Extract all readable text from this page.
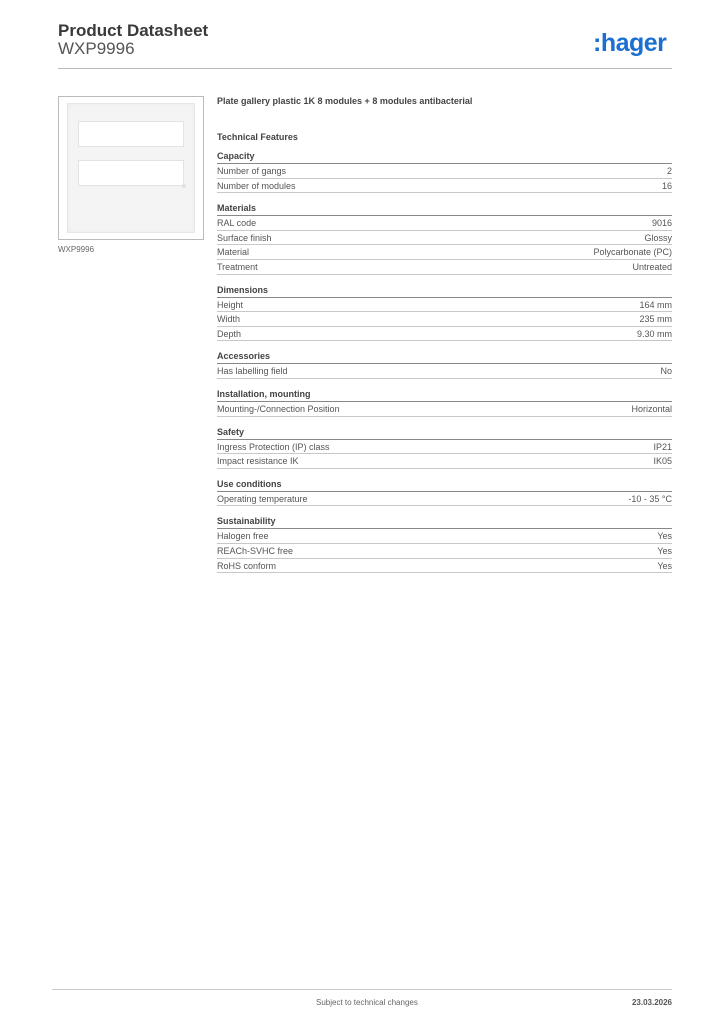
Product Datasheet
WXP9996	:hager
WXP9996
Plate gallery plastic 1K 8 modules + 8 modules antibacterial
Technical Features
Capacity
Number of gangs	2
Number of modules	16
Materials
RAL code	9016
Surface finish	Glossy
Material	Polycarbonate (PC)
Treatment	Untreated
Dimensions
Height	164 mm
Width	235 mm
Depth	9.30 mm
Accessories
Has labelling field	No
Installation, mounting
Mounting-/Connection Position	Horizontal
Safety
Ingress Protection (IP) class	IP21
Impact resistance IK	IK05
Use conditions
Operating temperature	-10 - 35 °C
Sustainability
Halogen free	Yes
REACh-SVHC free	Yes
RoHS conform	Yes
Subject to technical changes	23.03.2026
